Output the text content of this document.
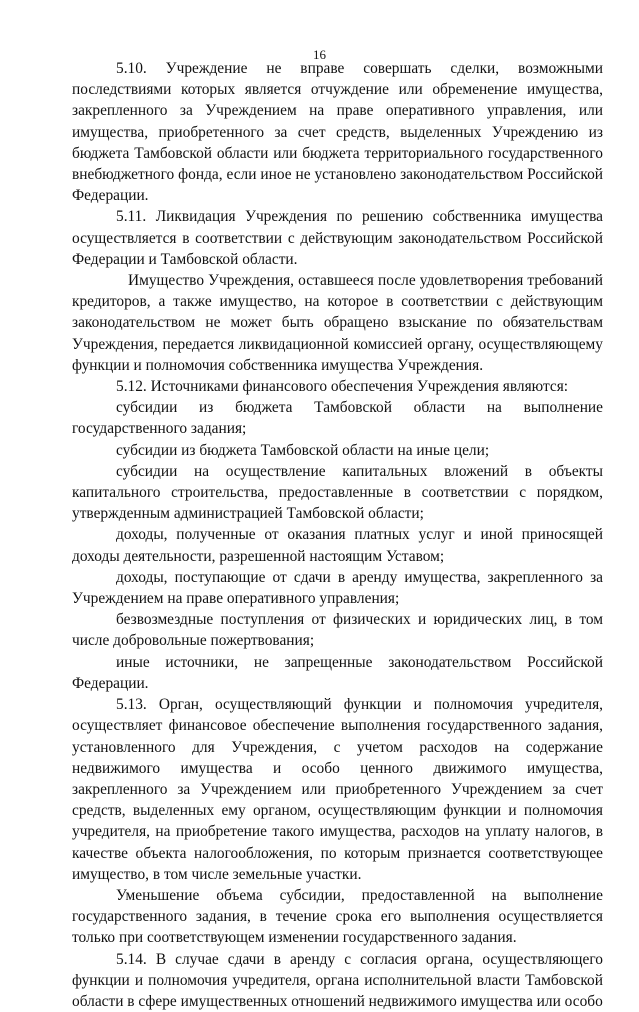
16

5.10. Учреждение не вправе совершать сделки, возможными последствиями которых является отчуждение или обременение имущества, закрепленного за Учреждением на праве оперативного управления, или имущества, приобретенного за счет средств, выделенных Учреждению из бюджета Тамбовской области или бюджета территориального государственного внебюджетного фонда, если иное не установлено законодательством Российской Федерации.

5.11. Ликвидация Учреждения по решению собственника имущества осуществляется в соответствии с действующим законодательством Российской Федерации и Тамбовской области.

Имущество Учреждения, оставшееся после удовлетворения требований кредиторов, а также имущество, на которое в соответствии с действующим законодательством не может быть обращено взыскание по обязательствам Учреждения, передается ликвидационной комиссией органу, осуществляющему функции и полномочия собственника имущества Учреждения.

5.12. Источниками финансового обеспечения Учреждения являются:

субсидии из бюджета Тамбовской области на выполнение государственного задания;

субсидии из бюджета Тамбовской области на иные цели;

субсидии на осуществление капитальных вложений в объекты капитального строительства, предоставленные в соответствии с порядком, утвержденным администрацией Тамбовской области;

доходы, полученные от оказания платных услуг и иной приносящей доходы деятельности, разрешенной настоящим Уставом;

доходы, поступающие от сдачи в аренду имущества, закрепленного за Учреждением на праве оперативного управления;

безвозмездные поступления от физических и юридических лиц, в том числе добровольные пожертвования;

иные источники, не запрещенные законодательством Российской Федерации.

5.13. Орган, осуществляющий функции и полномочия учредителя, осуществляет финансовое обеспечение выполнения государственного задания, установленного для Учреждения, с учетом расходов на содержание недвижимого имущества и особо ценного движимого имущества, закрепленного за Учреждением или приобретенного Учреждением за счет средств, выделенных ему органом, осуществляющим функции и полномочия учредителя, на приобретение такого имущества, расходов на уплату налогов, в качестве объекта налогообложения, по которым признается соответствующее имущество, в том числе земельные участки.

Уменьшение объема субсидии, предоставленной на выполнение государственного задания, в течение срока его выполнения осуществляется только при соответствующем изменении государственного задания.

5.14. В случае сдачи в аренду с согласия органа, осуществляющего функции и полномочия учредителя, органа исполнительной власти Тамбовской области в сфере имущественных отношений недвижимого имущества или особо
